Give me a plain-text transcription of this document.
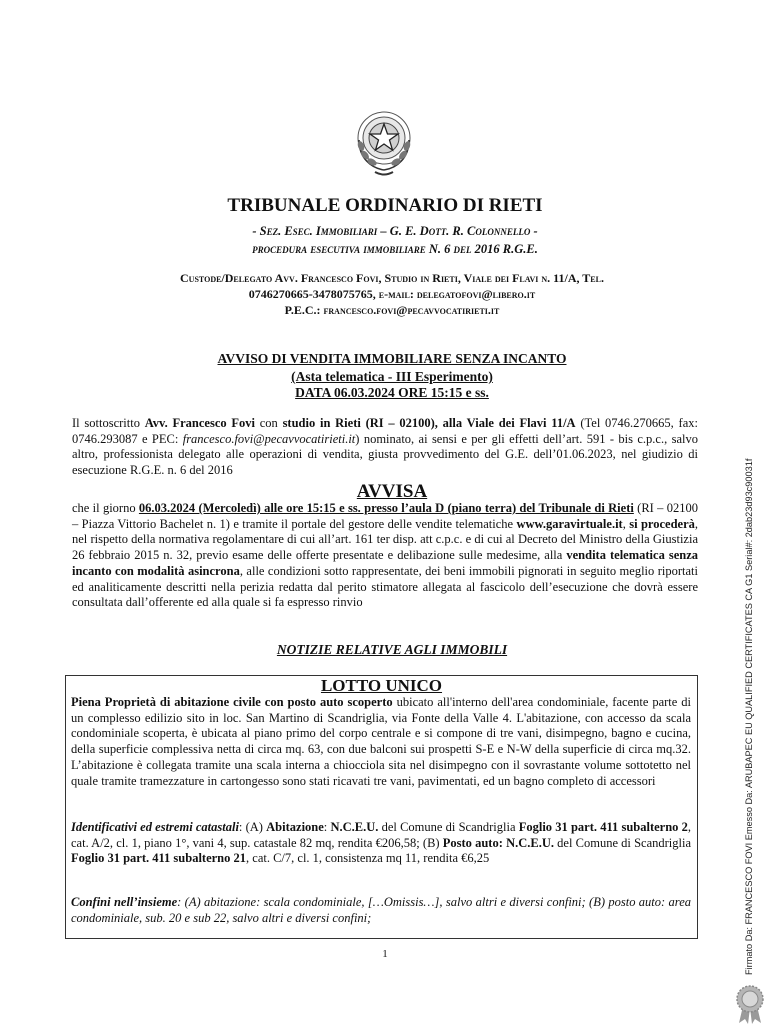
TRIBUNALE ORDINARIO DI RIETI
- Sez. Esec. Immobiliari – G. E. Dott. R. Colonnello -
procedura esecutiva immobiliare N. 6 del 2016 R.G.E.
Custode/Delegato Avv. Francesco Fovi, Studio in Rieti, Viale dei Flavi n. 11/A, Tel.
0746270665-3478075765, e-mail: delegatofovi@libero.it
P.E.C.: francesco.fovi@pecavvocatirieti.it
AVVISO DI VENDITA IMMOBILIARE SENZA INCANTO
(Asta telematica - III Esperimento)
DATA 06.03.2024 ORE 15:15 e ss.
Il sottoscritto Avv. Francesco Fovi con studio in Rieti (RI – 02100), alla Viale dei Flavi 11/A (Tel 0746.270665, fax: 0746.293087 e PEC: francesco.fovi@pecavvocatirieti.it) nominato, ai sensi e per gli effetti dell’art. 591 - bis c.p.c., salvo altro, professionista delegato alle operazioni di vendita, giusta provvedimento del G.E. dell’01.06.2023, nel giudizio di esecuzione R.G.E. n. 6 del 2016
AVVISA
che il giorno 06.03.2024 (Mercoledì) alle ore 15:15 e ss. presso l’aula D (piano terra) del Tribunale di Rieti (RI – 02100 – Piazza Vittorio Bachelet n. 1) e tramite il portale del gestore delle vendite telematiche www.garavirtuale.it, si procederà, nel rispetto della normativa regolamentare di cui all’art. 161 ter disp. att c.p.c. e di cui al Decreto del Ministro della Giustizia 26 febbraio 2015 n. 32, previo esame delle offerte presentate e delibazione sulle medesime, alla vendita telematica senza incanto con modalità asincrona, alle condizioni sotto rappresentate, dei beni immobili pignorati in seguito meglio riportati ed analiticamente descritti nella perizia redatta dal perito stimatore allegata al fascicolo dell’esecuzione che dovrà essere consultata dall’offerente ed alla quale si fa espresso rinvio
NOTIZIE RELATIVE AGLI IMMOBILI
LOTTO UNICO
Piena Proprietà di abitazione civile con posto auto scoperto ubicato all'interno dell'area condominiale, facente parte di un complesso edilizio sito in loc. San Martino di Scandriglia, via Fonte della Valle 4. L'abitazione, con accesso da scala condominiale scoperta, è ubicata al piano primo del corpo centrale e si compone di tre vani, disimpegno, bagno e cucina, della superficie complessiva netta di circa mq. 63, con due balconi sui prospetti S-E e N-W della superficie di circa mq.32. L’abitazione è collegata tramite una scala interna a chiocciola sita nel disimpegno con il sovrastante volume sottotetto nel quale tramite tramezzature in cartongesso sono stati ricavati tre vani, pavimentati, ed un bagno completo di accessori
Identificativi ed estremi catastali: (A) Abitazione: N.C.E.U. del Comune di Scandriglia Foglio 31 part. 411 subalterno 2, cat. A/2, cl. 1, piano 1°, vani 4, sup. catastale 82 mq, rendita €206,58; (B) Posto auto: N.C.E.U. del Comune di Scandriglia Foglio 31 part. 411 subalterno 21, cat. C/7, cl. 1, consistenza mq 11, rendita €6,25
Confini nell’insieme: (A) abitazione: scala condominiale, […Omissis…], salvo altri e diversi confini; (B) posto auto: area condominiale, sub. 20 e sub 22, salvo altri e diversi confini;
1	Firmato Da: FRANCESCO FOVI Emesso Da: ARUBAPEC EU QUALIFIED CERTIFICATES CA G1 Serial#: 2dab23d93c90031f
